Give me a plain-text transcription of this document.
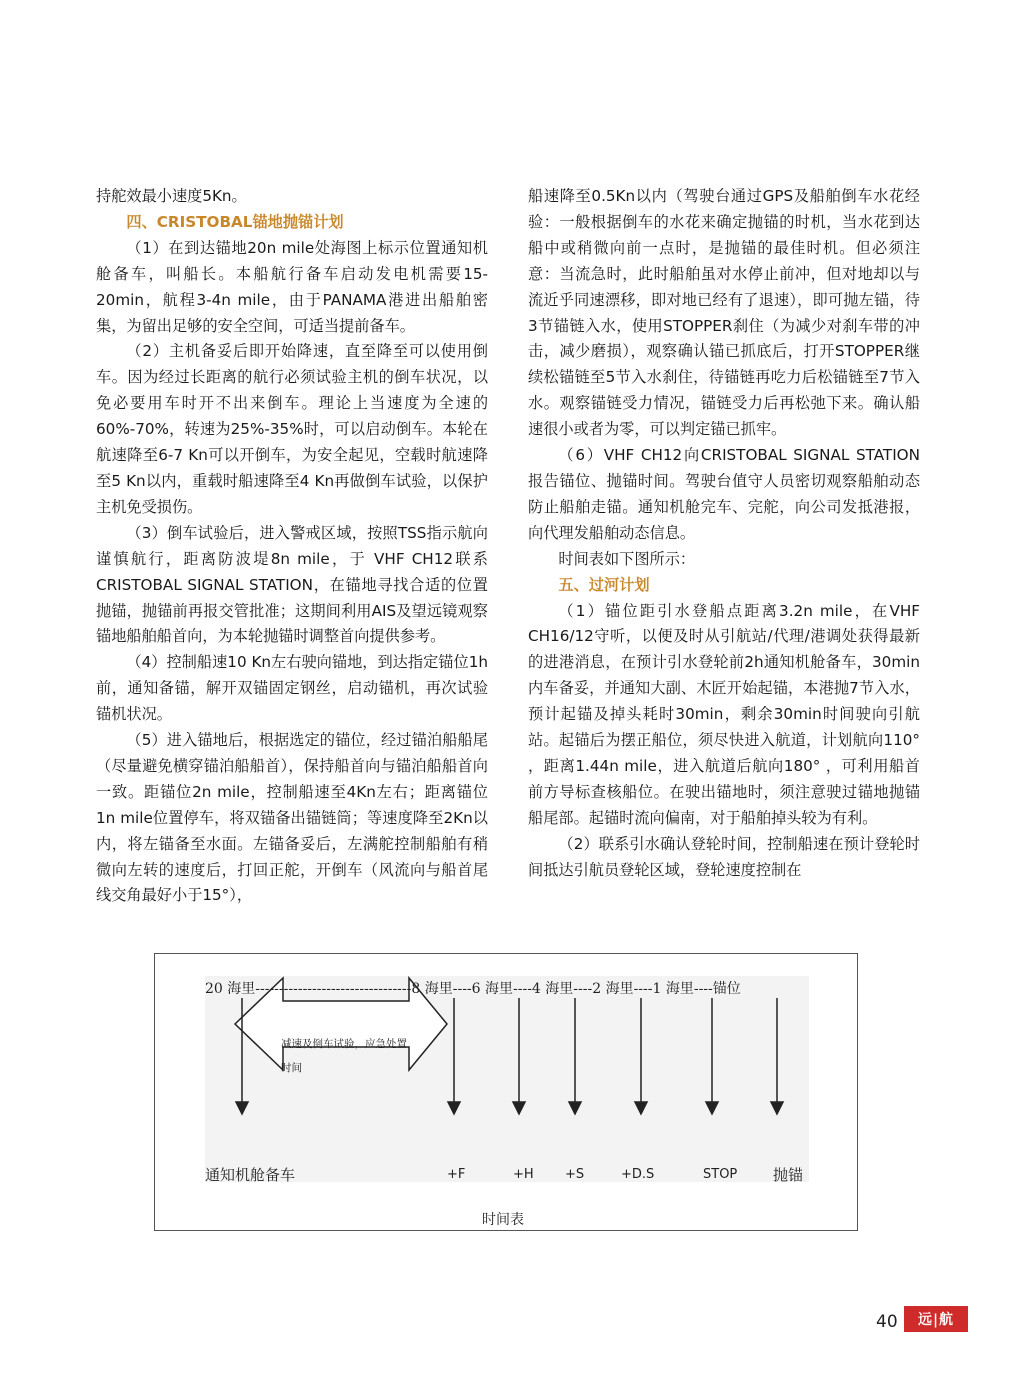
持舵效最小速度5Kn。

四、CRISTOBAL锚地抛锚计划

（1）在到达锚地20n mile处海图上标示位置通知机舱备车，叫船长。本船航行备车启动发电机需要15-20min，航程3-4n mile，由于PANAMA港进出船舶密集，为留出足够的安全空间，可适当提前备车。

（2）主机备妥后即开始降速，直至降至可以使用倒车。因为经过长距离的航行必须试验主机的倒车状况，以免必要用车时开不出来倒车。理论上当速度为全速的60%-70%，转速为25%-35%时，可以启动倒车。本轮在航速降至6-7 Kn可以开倒车，为安全起见，空载时航速降至5 Kn以内，重载时船速降至4 Kn再做倒车试验，以保护主机免受损伤。

（3）倒车试验后，进入警戒区域，按照TSS指示航向谨慎航行，距离防波堤8n mile，于 VHF CH12联系CRISTOBAL SIGNAL STATION，在锚地寻找合适的位置抛锚，抛锚前再报交管批准；这期间利用AIS及望远镜观察锚地船舶船首向，为本轮抛锚时调整首向提供参考。

（4）控制船速10 Kn左右驶向锚地，到达指定锚位1h前，通知备锚，解开双锚固定钢丝，启动锚机，再次试验锚机状况。

（5）进入锚地后，根据选定的锚位，经过锚泊船船尾（尽量避免横穿锚泊船船首），保持船首向与锚泊船船首向一致。距锚位2n mile，控制船速至4Kn左右；距离锚位1n mile位置停车，将双锚备出锚链筒；等速度降至2Kn以内，将左锚备至水面。左锚备妥后，左满舵控制船舶有稍微向左转的速度后，打回正舵，开倒车（风流向与船首尾线交角最好小于15°），

船速降至0.5Kn以内（驾驶台通过GPS及船舶倒车水花经验：一般根据倒车的水花来确定抛锚的时机，当水花到达船中或稍微向前一点时，是抛锚的最佳时机。但必须注意：当流急时，此时船舶虽对水停止前冲，但对地却以与流近乎同速漂移，即对地已经有了退速），即可抛左锚，待3节锚链入水，使用STOPPER刹住（为减少对刹车带的冲击，减少磨损），观察确认锚已抓底后，打开STOPPER继续松锚链至5节入水刹住，待锚链再吃力后松锚链至7节入水。观察锚链受力情况，锚链受力后再松弛下来。确认船速很小或者为零，可以判定锚已抓牢。

（6）VHF CH12向CRISTOBAL SIGNAL STATION报告锚位、抛锚时间。驾驶台值守人员密切观察船舶动态防止船舶走锚。通知机舱完车、完舵，向公司发抵港报，向代理发船舶动态信息。

时间表如下图所示：

五、过河计划

（1）锚位距引水登船点距离3.2n mile，在VHF CH16/12守听，以便及时从引航站/代理/港调处获得最新的进港消息，在预计引水登轮前2h通知机舱备车，30min内车备妥，并通知大副、木匠开始起锚，本港抛7节入水，预计起锚及掉头耗时30min，剩余30min时间驶向引航站。起锚后为摆正船位，须尽快进入航道，计划航向110° ，距离1.44n mile，进入航道后航向180° ，可利用船首前方导标查核船位。在驶出锚地时，须注意驶过锚地抛锚船尾部。起锚时流向偏南，对于船舶掉头较为有利。

（2）联系引水确认登轮时间，控制船速在预计登轮时间抵达引航员登轮区域，登轮速度控制在

20 海里---------------------------------8 海里----6 海里----4 海里----2 海里----1 海里----锚位
减速及倒车试验，应急处置
时间
通知机舱备车	+F	+H +S	+D.S	STOP 抛锚
时间表
40	远|航
